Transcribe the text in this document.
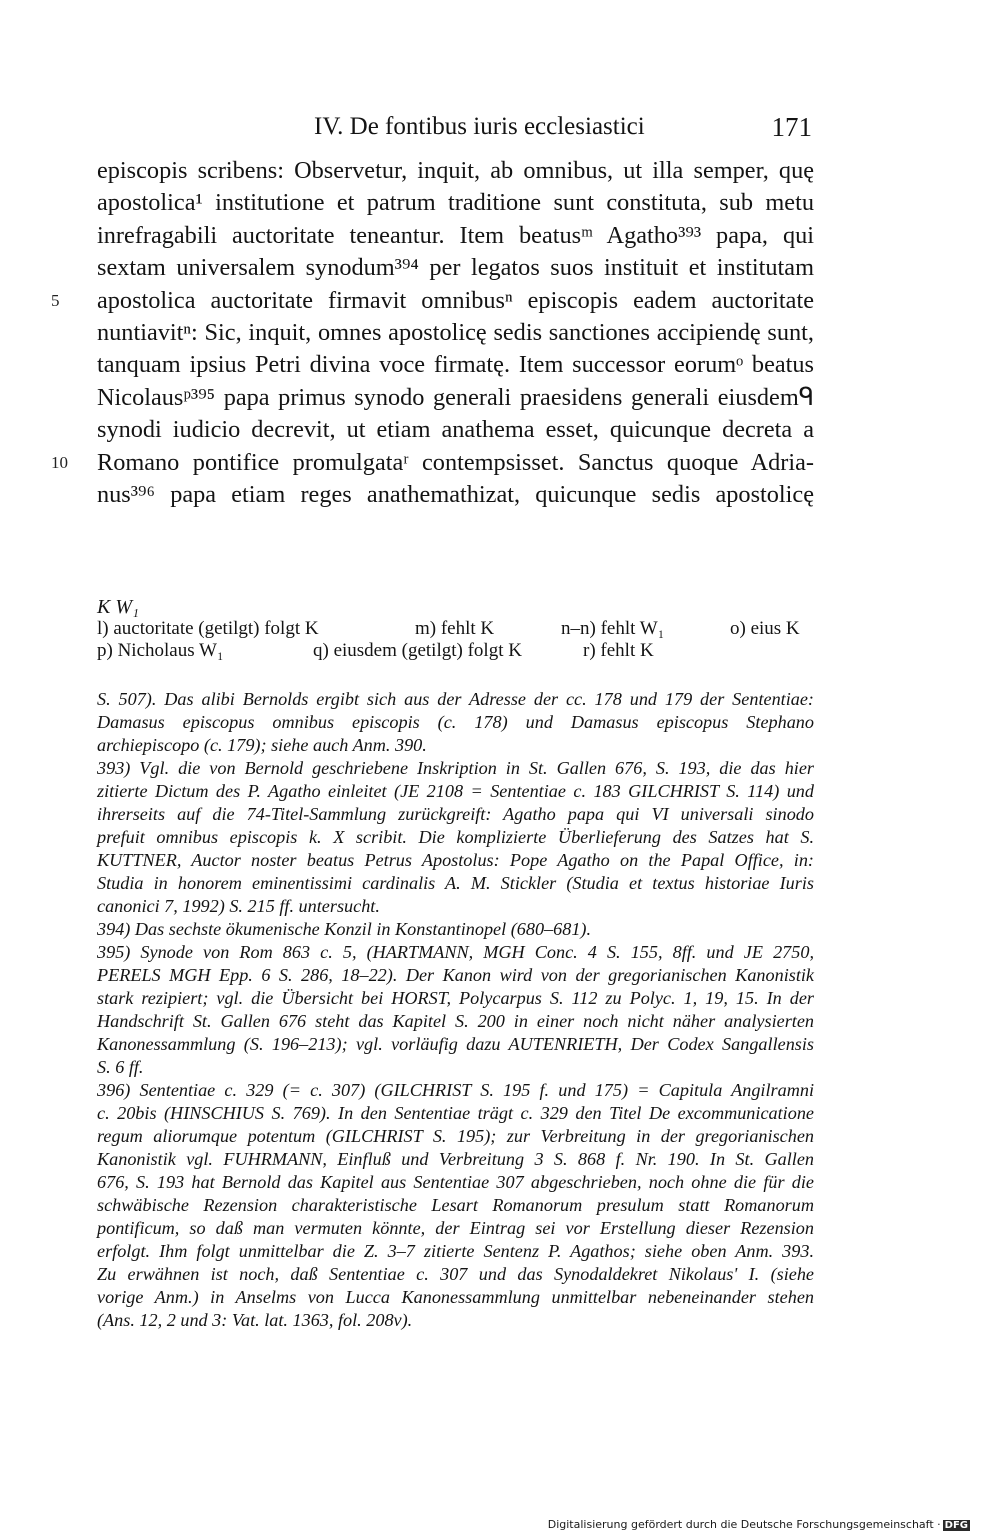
IV. De fontibus iuris ecclesiastici	171
episcopis scribens: Observetur, inquit, ab omnibus, ut illa semper, quę
apostolica¹ institutione et patrum traditione sunt constituta, sub metu
inrefragabili auctoritate teneantur. Item beatusᵐ Agatho³⁹³ papa, qui
sextam universalem synodum³⁹⁴ per legatos suos instituit et institutam
5 apostolica auctoritate firmavit omnibusⁿ episcopis eadem auctoritate
nuntiavitⁿ: Sic, inquit, omnes apostolicę sedis sanctiones accipiendę sunt,
tanquam ipsius Petri divina voce firmatę. Item successor eorumᵒ beatus
Nicolausᵖ³⁹⁵ papa primus synodo generali praesidens generali eiusdemᑫ
synodi iudicio decrevit, ut etiam anathema esset, quicunque decreta a
10 Romano pontifice promulgataʳ contempsisset. Sanctus quoque Adria-
nus³⁹⁶ papa etiam reges anathemathizat, quicunque sedis apostolicę
K W₁
l) auctoritate (getilgt) folgt K	m) fehlt K	n–n) fehlt W₁	o) eius K
p) Nicholaus W₁	q) eiusdem (getilgt) folgt K	r) fehlt K
S. 507). Das alibi Bernolds ergibt sich aus der Adresse der cc. 178 und 179 der Sententiae:
Damasus episcopus omnibus episcopis (c. 178) und Damasus episcopus Stephano
archiepiscopo (c. 179); siehe auch Anm. 390.
393) Vgl. die von Bernold geschriebene Inskription in St. Gallen 676, S. 193, die das hier
zitierte Dictum des P. Agatho einleitet (JE 2108 = Sententiae c. 183 GILCHRIST S. 114) und
ihrerseits auf die 74-Titel-Sammlung zurückgreift: Agatho papa qui VI universali sinodo
prefuit omnibus episcopis k. X scribit. Die komplizierte Überlieferung des Satzes hat S.
KUTTNER, Auctor noster beatus Petrus Apostolus: Pope Agatho on the Papal Office, in:
Studia in honorem eminentissimi cardinalis A. M. Stickler (Studia et textus historiae Iuris
canonici 7, 1992) S. 215 ff. untersucht.
394) Das sechste ökumenische Konzil in Konstantinopel (680–681).
395) Synode von Rom 863 c. 5, (HARTMANN, MGH Conc. 4 S. 155, 8ff. und JE 2750,
PERELS MGH Epp. 6 S. 286, 18–22). Der Kanon wird von der gregorianischen Kanonistik
stark rezipiert; vgl. die Übersicht bei HORST, Polycarpus S. 112 zu Polyc. 1, 19, 15. In der
Handschrift St. Gallen 676 steht das Kapitel S. 200 in einer noch nicht näher analysierten
Kanonessammlung (S. 196–213); vgl. vorläufig dazu AUTENRIETH, Der Codex Sangallensis
S. 6 ff.
396) Sententiae c. 329 (= c. 307) (GILCHRIST S. 195 f. und 175) = Capitula Angilramni
c. 20bis (HINSCHIUS S. 769). In den Sententiae trägt c. 329 den Titel De excommunicatione
regum aliorumque potentum (GILCHRIST S. 195); zur Verbreitung in der gregorianischen
Kanonistik vgl. FUHRMANN, Einfluß und Verbreitung 3 S. 868 f. Nr. 190. In St. Gallen
676, S. 193 hat Bernold das Kapitel aus Sententiae 307 abgeschrieben, noch ohne die für die
schwäbische Rezension charakteristische Lesart Romanorum presulum statt Romanorum
pontificum, so daß man vermuten könnte, der Eintrag sei vor Erstellung dieser Rezension
erfolgt. Ihm folgt unmittelbar die Z. 3–7 zitierte Sentenz P. Agathos; siehe oben Anm. 393.
Zu erwähnen ist noch, daß Sententiae c. 307 und das Synodaldekret Nikolaus' I. (siehe
vorige Anm.) in Anselms von Lucca Kanonessammlung unmittelbar nebeneinander stehen
(Ans. 12, 2 und 3: Vat. lat. 1363, fol. 208v).
Digitalisierung gefördert durch die Deutsche Forschungsgemeinschaft · DFG
